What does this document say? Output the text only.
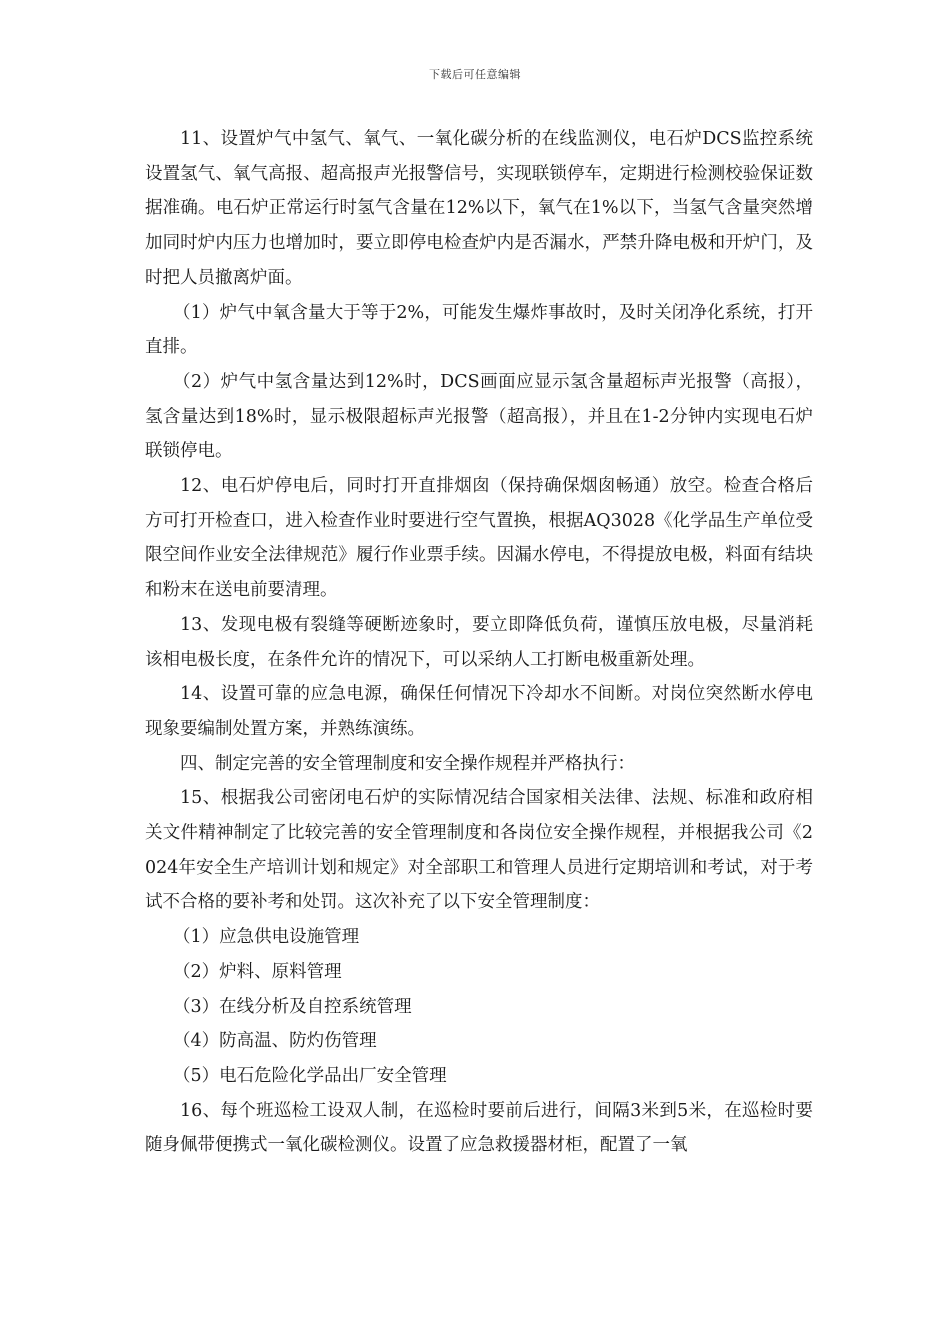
下载后可任意编辑

11、设置炉气中氢气、氧气、一氧化碳分析的在线监测仪，电石炉DCS监控系统设置氢气、氧气高报、超高报声光报警信号，实现联锁停车，定期进行检测校验保证数据准确。电石炉正常运行时氢气含量在12%以下，氧气在1%以下，当氢气含量突然增加同时炉内压力也增加时，要立即停电检查炉内是否漏水，严禁升降电极和开炉门，及时把人员撤离炉面。

（1）炉气中氧含量大于等于2%，可能发生爆炸事故时，及时关闭净化系统，打开直排。

（2）炉气中氢含量达到12%时，DCS画面应显示氢含量超标声光报警（高报），氢含量达到18%时，显示极限超标声光报警（超高报），并且在1-2分钟内实现电石炉联锁停电。

12、电石炉停电后，同时打开直排烟囱（保持确保烟囱畅通）放空。检查合格后方可打开检查口，进入检查作业时要进行空气置换，根据AQ3028《化学品生产单位受限空间作业安全法律规范》履行作业票手续。因漏水停电，不得提放电极，料面有结块和粉末在送电前要清理。

13、发现电极有裂缝等硬断迹象时，要立即降低负荷，谨慎压放电极，尽量消耗该相电极长度，在条件允许的情况下，可以采纳人工打断电极重新处理。

14、设置可靠的应急电源，确保任何情况下冷却水不间断。对岗位突然断水停电现象要编制处置方案，并熟练演练。

四、制定完善的安全管理制度和安全操作规程并严格执行：

15、根据我公司密闭电石炉的实际情况结合国家相关法律、法规、标准和政府相关文件精神制定了比较完善的安全管理制度和各岗位安全操作规程，并根据我公司《2024年安全生产培训计划和规定》对全部职工和管理人员进行定期培训和考试，对于考试不合格的要补考和处罚。这次补充了以下安全管理制度：

（1）应急供电设施管理

（2）炉料、原料管理

（3）在线分析及自控系统管理

（4）防高温、防灼伤管理

（5）电石危险化学品出厂安全管理

16、每个班巡检工设双人制，在巡检时要前后进行，间隔3米到5米，在巡检时要随身佩带便携式一氧化碳检测仪。设置了应急救援器材柜，配置了一氧
